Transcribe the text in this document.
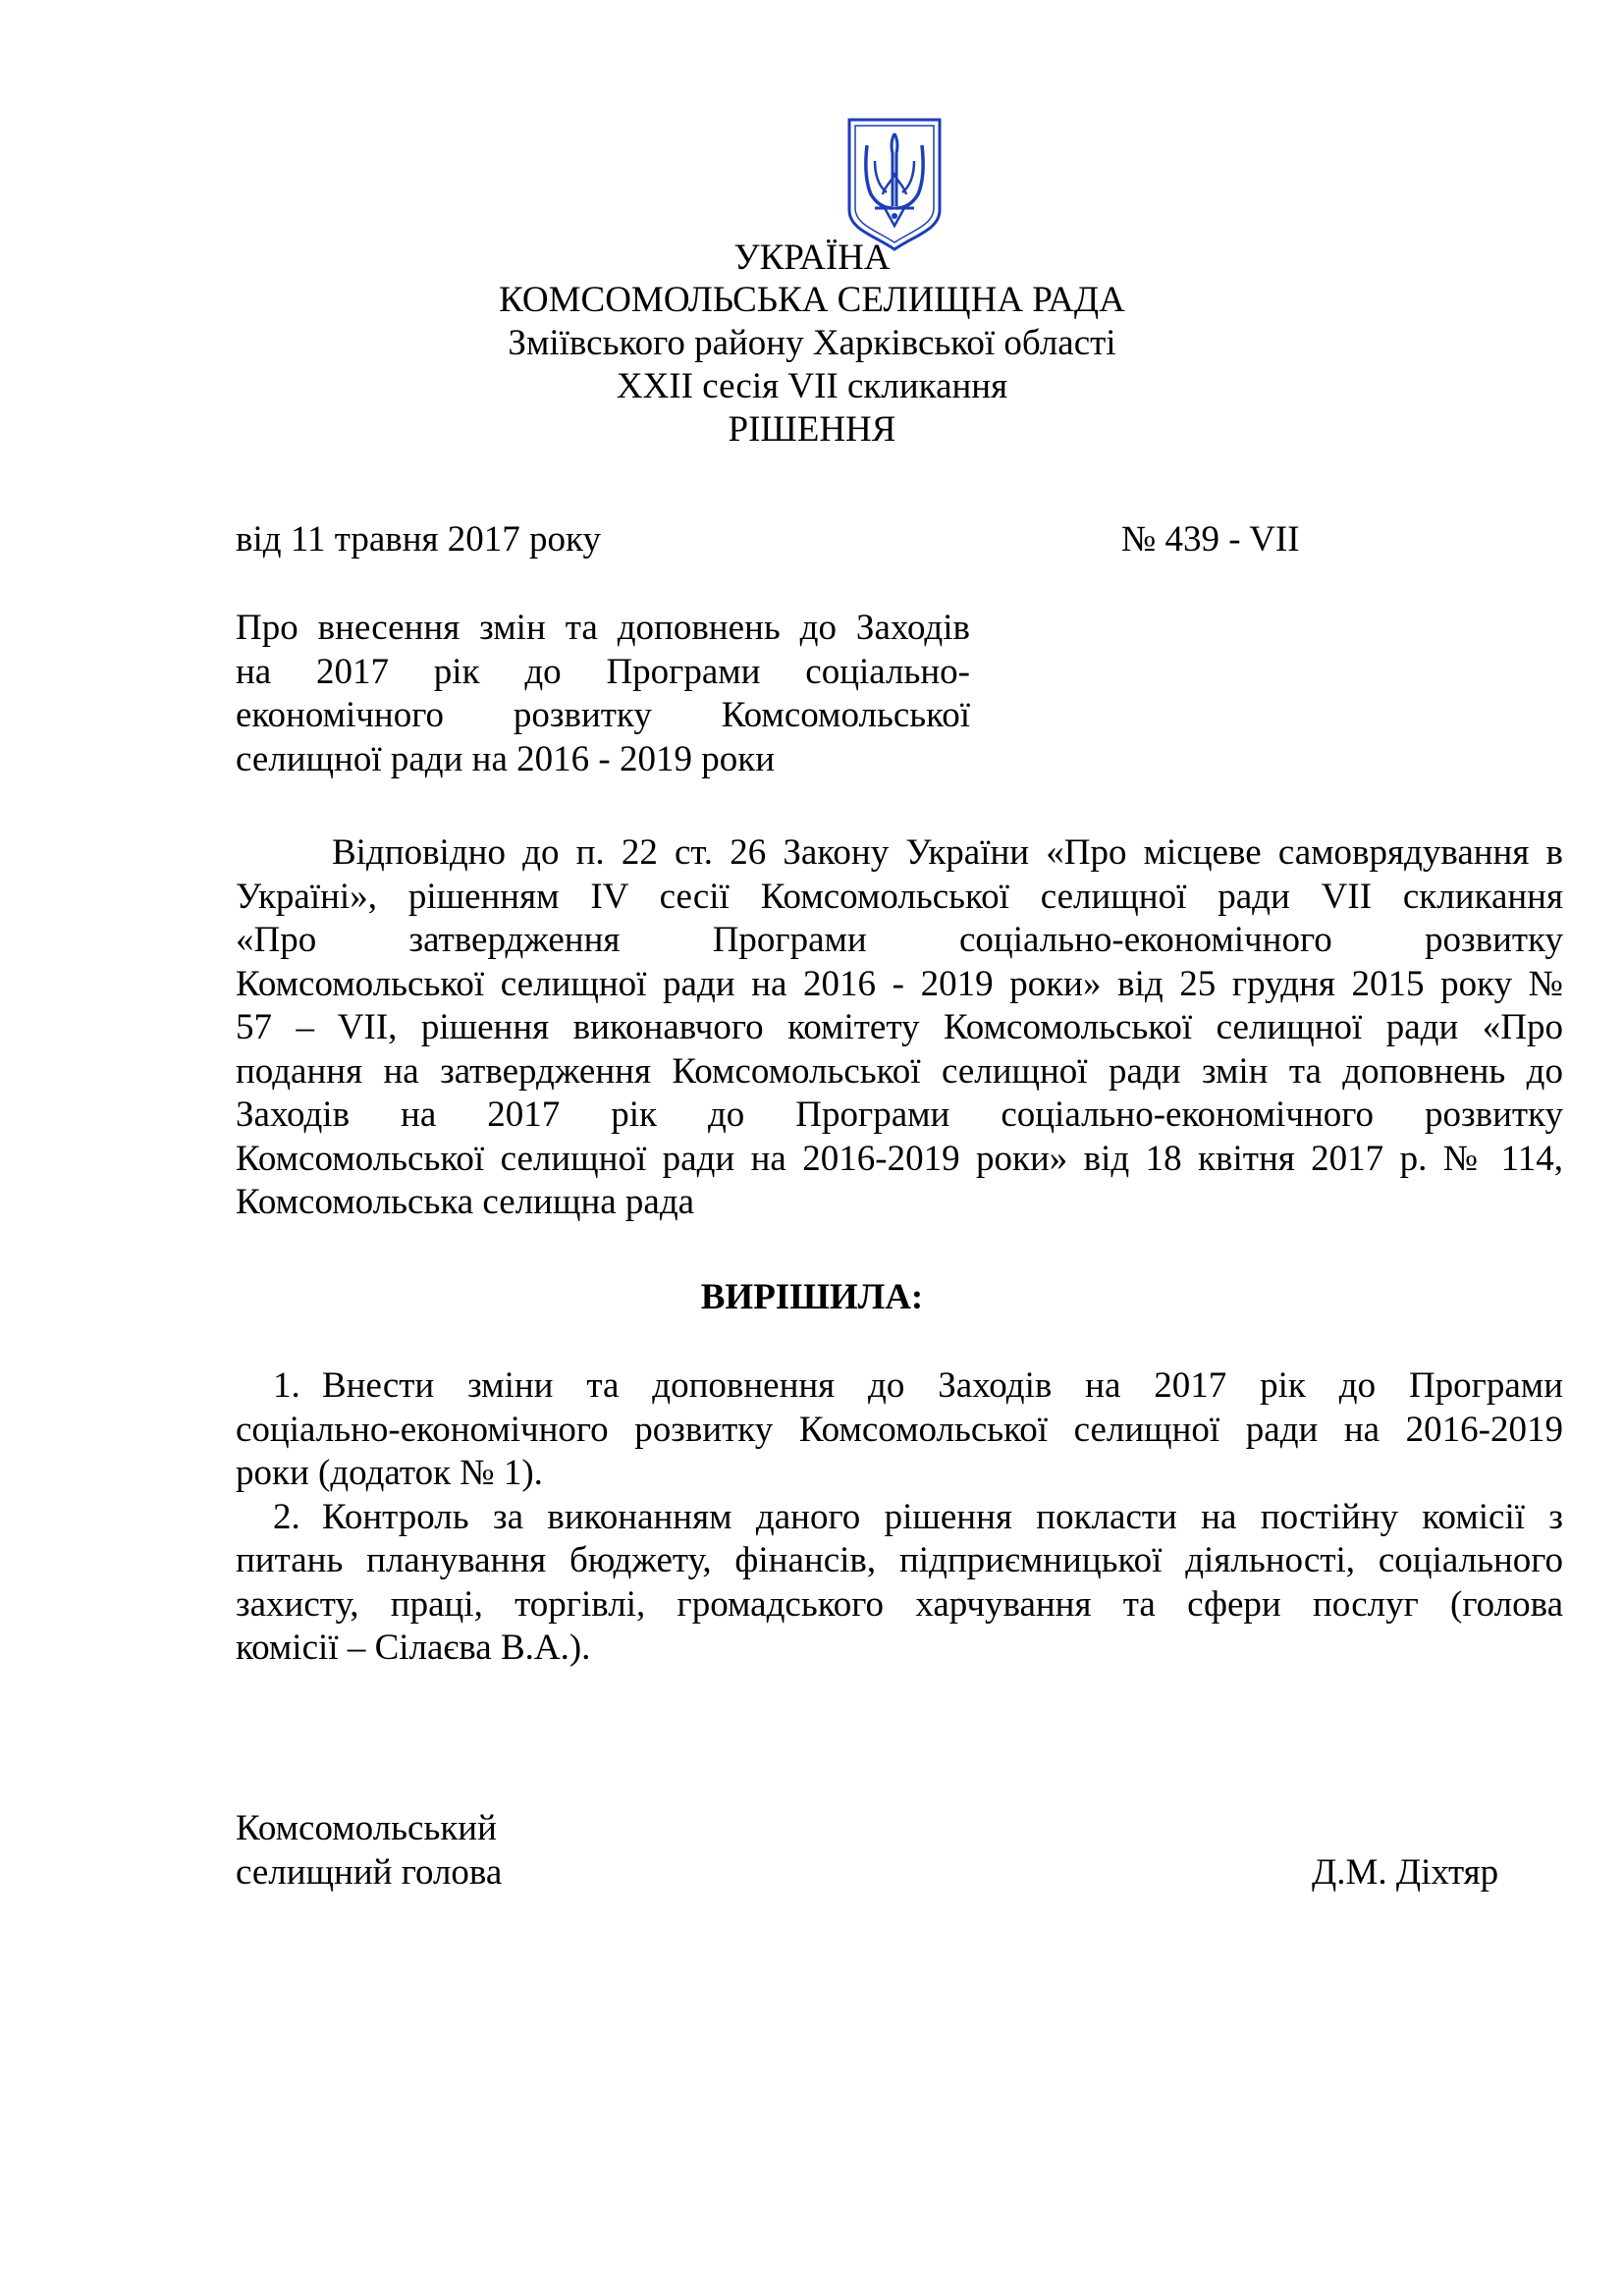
УКРАЇНА
КОМСОМОЛЬСЬКА СЕЛИЩНА РАДА
Зміївського району Харківської області
XXІІ сесія VІІ скликання
РІШЕННЯ
від 11 травня 2017 року	№ 439 - VІІ
Про внесення змін та доповнень до Заходів
на 2017 рік до Програми соціально-
економічного розвитку Комсомольської
селищної ради на 2016 - 2019 роки
Відповідно до п. 22 ст. 26 Закону України «Про місцеве самоврядування в
Україні», рішенням ІV сесії Комсомольської селищної ради VІІ скликання
«Про затвердження Програми соціально-економічного розвитку
Комсомольської селищної ради на 2016 - 2019 роки» від 25 грудня 2015 року №
57 – VІІ, рішення виконавчого комітету Комсомольської селищної ради «Про
подання на затвердження Комсомольської селищної ради змін та доповнень до
Заходів на 2017 рік до Програми соціально-економічного розвитку
Комсомольської селищної ради на 2016-2019 роки» від 18 квітня 2017 р. № 114,
Комсомольська селищна рада
ВИРІШИЛА:
1. Внести зміни та доповнення до Заходів на 2017 рік до Програми
соціально-економічного розвитку Комсомольської селищної ради на 2016-2019
роки (додаток № 1).
2. Контроль за виконанням даного рішення покласти на постійну комісії з
питань планування бюджету, фінансів, підприємницької діяльності, соціального
захисту, праці, торгівлі, громадського харчування та сфери послуг (голова
комісії – Сілаєва В.А.).
Комсомольський
селищний голова	Д.М. Діхтяр
